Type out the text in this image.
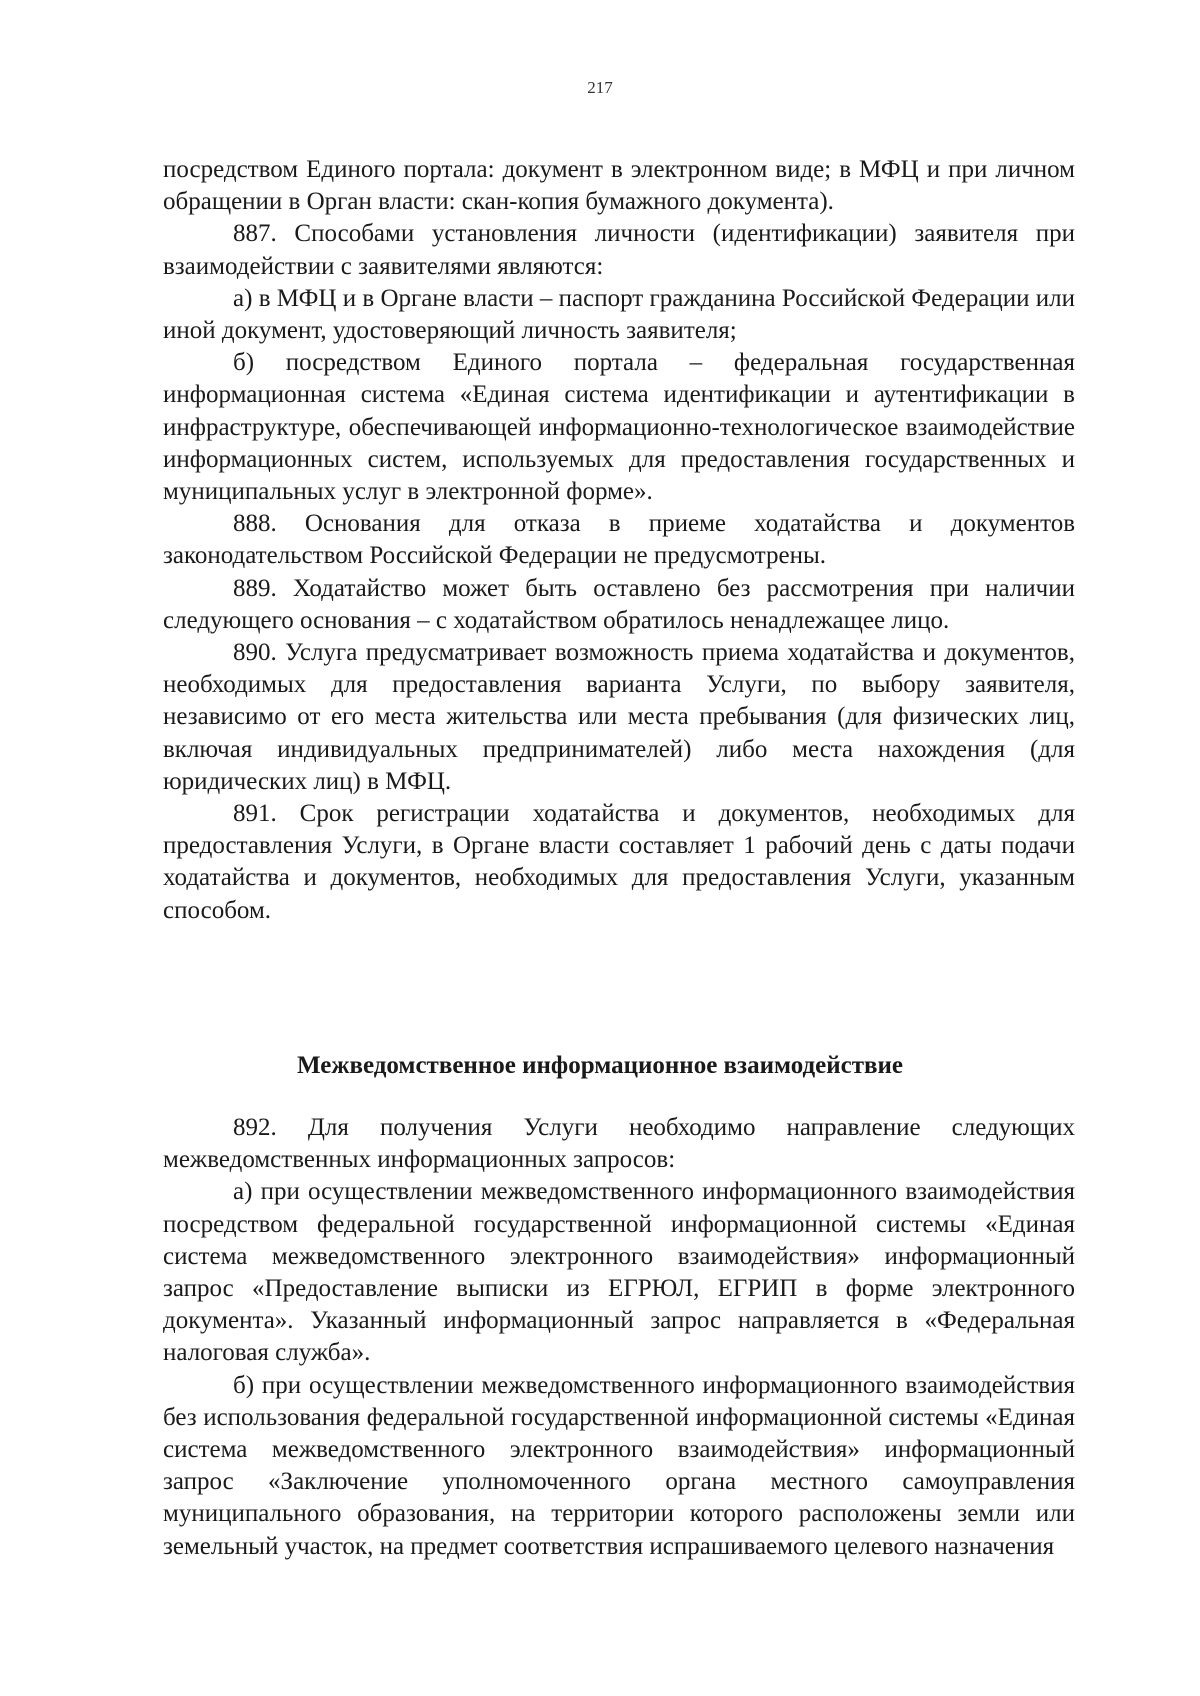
217

посредством Единого портала: документ в электронном виде; в МФЦ и при личном обращении в Орган власти: скан-копия бумажного документа).

887. Способами установления личности (идентификации) заявителя при взаимодействии с заявителями являются:

а) в МФЦ и в Органе власти – паспорт гражданина Российской Федерации или иной документ, удостоверяющий личность заявителя;

б) посредством Единого портала – федеральная государственная информационная система «Единая система идентификации и аутентификации в инфраструктуре, обеспечивающей информационно-технологическое взаимодействие информационных систем, используемых для предоставления государственных и муниципальных услуг в электронной форме».

888. Основания для отказа в приеме ходатайства и документов законодательством Российской Федерации не предусмотрены.

889. Ходатайство может быть оставлено без рассмотрения при наличии следующего основания – с ходатайством обратилось ненадлежащее лицо.

890. Услуга предусматривает возможность приема ходатайства и документов, необходимых для предоставления варианта Услуги, по выбору заявителя, независимо от его места жительства или места пребывания (для физических лиц, включая индивидуальных предпринимателей) либо места нахождения (для юридических лиц) в МФЦ.

891. Срок регистрации ходатайства и документов, необходимых для предоставления Услуги, в Органе власти составляет 1 рабочий день с даты подачи ходатайства и документов, необходимых для предоставления Услуги, указанным способом.

Межведомственное информационное взаимодействие

892. Для получения Услуги необходимо направление следующих межведомственных информационных запросов:

а) при осуществлении межведомственного информационного взаимодействия посредством федеральной государственной информационной системы «Единая система межведомственного электронного взаимодействия» информационный запрос «Предоставление выписки из ЕГРЮЛ, ЕГРИП в форме электронного документа». Указанный информационный запрос направляется в «Федеральная налоговая служба».

б) при осуществлении межведомственного информационного взаимодействия без использования федеральной государственной информационной системы «Единая система межведомственного электронного взаимодействия» информационный запрос «Заключение уполномоченного органа местного самоуправления муниципального образования, на территории которого расположены земли или земельный участок, на предмет соответствия испрашиваемого целевого назначения
